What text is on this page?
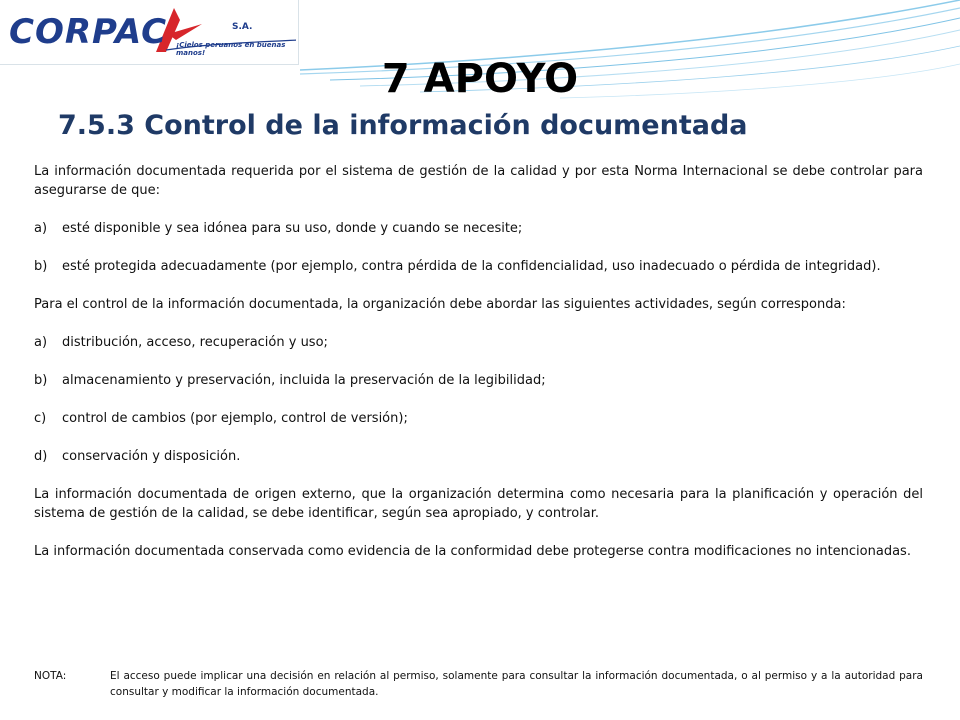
CORPAC	S.A.
¡Cielos peruanos en buenas manos!
7 APOYO
7.5.3 Control de la información documentada

La información documentada requerida por el sistema de gestión de la calidad y por esta Norma Internacional se debe controlar para asegurarse de que:

a)	esté disponible y sea idónea para su uso, donde y cuando se necesite;
b)	esté protegida adecuadamente (por ejemplo, contra pérdida de la confidencialidad, uso inadecuado o pérdida de integridad).

Para el control de la información documentada, la organización debe abordar las siguientes actividades, según corresponda:

a)	distribución, acceso, recuperación y uso;
b)	almacenamiento y preservación, incluida la preservación de la legibilidad;
c)	control de cambios (por ejemplo, control de versión);
d)	conservación y disposición.

La información documentada de origen externo, que la organización determina como necesaria para la planificación y operación del sistema de gestión de la calidad, se debe identificar, según sea apropiado, y controlar.

La información documentada conservada como evidencia de la conformidad debe protegerse contra modificaciones no intencionadas.

NOTA:	El acceso puede implicar una decisión en relación al permiso, solamente para consultar la información documentada, o al permiso y a la autoridad para consultar y modificar la información documentada.
